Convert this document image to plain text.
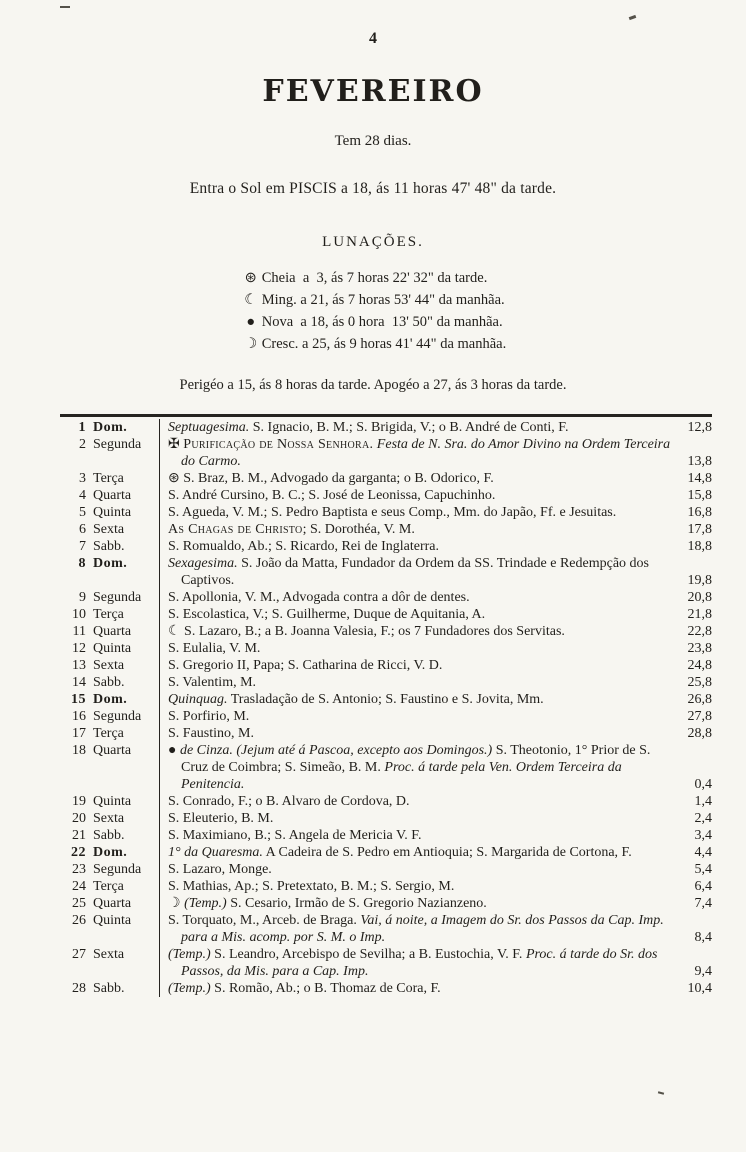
4
FEVEREIRO
Tem 28 dias.
Entra o Sol em PISCIS a 18, ás 11 horas 47' 48" da tarde.
LUNAÇÕES.
⊛ Cheia  a  3, ás 7 horas 22' 32" da tarde.
☾ Ming. a 21, ás 7 horas 53' 44" da manhãa.
● Nova  a 18, ás 0 hora  13' 50" da manhãa.
☽ Cresc. a 25, ás 9 horas 41' 44" da manhãa.
Perigéo a 15, ás 8 horas da tarde. Apogéo a 27, ás 3 horas da tarde.
1 Dom.	Septuagesima. S. Ignacio, B. M.; S. Brigida, V.; o B. André de Conti, F.	12,8
2 Segunda	✠ Purificação de Nossa Senhora. Festa de N. Sra. do Amor Divino na Ordem Terceira do Carmo.	13,8
3 Terça	⊛ S. Braz, B. M., Advogado da garganta; o B. Odorico, F.	14,8
4 Quarta	S. André Cursino, B. C.; S. José de Leonissa, Capuchinho.	15,8
5 Quinta	S. Agueda, V. M.; S. Pedro Baptista e seus Comp., Mm. do Japão, Ff. e Jesuitas.	16,8
6 Sexta	As Chagas de Christo; S. Dorothéa, V. M.	17,8
7 Sabb.	S. Romualdo, Ab.; S. Ricardo, Rei de Inglaterra.	18,8
8 Dom.	Sexagesima. S. João da Matta, Fundador da Ordem da SS. Trindade e Redempção dos Captivos.	19,8
9 Segunda	S. Apollonia, V. M., Advogada contra a dôr de dentes.	20,8
10 Terça	S. Escolastica, V.; S. Guilherme, Duque de Aquitania, A.	21,8
11 Quarta	☾ S. Lazaro, B.; a B. Joanna Valesia, F.; os 7 Fundadores dos Servitas.	22,8
12 Quinta	S. Eulalia, V. M.	23,8
13 Sexta	S. Gregorio II, Papa; S. Catharina de Ricci, V. D.	24,8
14 Sabb.	S. Valentim, M.	25,8
15 Dom.	Quinquag. Trasladação de S. Antonio; S. Faustino e S. Jovita, Mm.	26,8
16 Segunda	S. Porfirio, M.	27,8
17 Terça	S. Faustino, M.	28,8
18 Quarta	● de Cinza. (Jejum até á Pascoa, excepto aos Domingos.) S. Theotonio, 1° Prior de S. Cruz de Coimbra; S. Simeão, B. M. Proc. á tarde pela Ven. Ordem Terceira da Penitencia.	0,4
19 Quinta	S. Conrado, F.; o B. Alvaro de Cordova, D.	1,4
20 Sexta	S. Eleuterio, B. M.	2,4
21 Sabb.	S. Maximiano, B.; S. Angela de Mericia V. F.	3,4
22 Dom.	1° da Quaresma. A Cadeira de S. Pedro em Antioquia; S. Margarida de Cortona, F.	4,4
23 Segunda	S. Lazaro, Monge.	5,4
24 Terça	S. Mathias, Ap.; S. Pretextato, B. M.; S. Sergio, M.	6,4
25 Quarta	☽ (Temp.) S. Cesario, Irmão de S. Gregorio Nazianzeno.	7,4
26 Quinta	S. Torquato, M., Arceb. de Braga. Vai, á noite, a Imagem do Sr. dos Passos da Cap. Imp. para a Mis. acomp. por S. M. o Imp.	8,4
27 Sexta	(Temp.) S. Leandro, Arcebispo de Sevilha; a B. Eustochia, V. F. Proc. á tarde do Sr. dos Passos, da Mis. para a Cap. Imp.	9,4
28 Sabb.	(Temp.) S. Romão, Ab.; o B. Thomaz de Cora, F.	10,4
